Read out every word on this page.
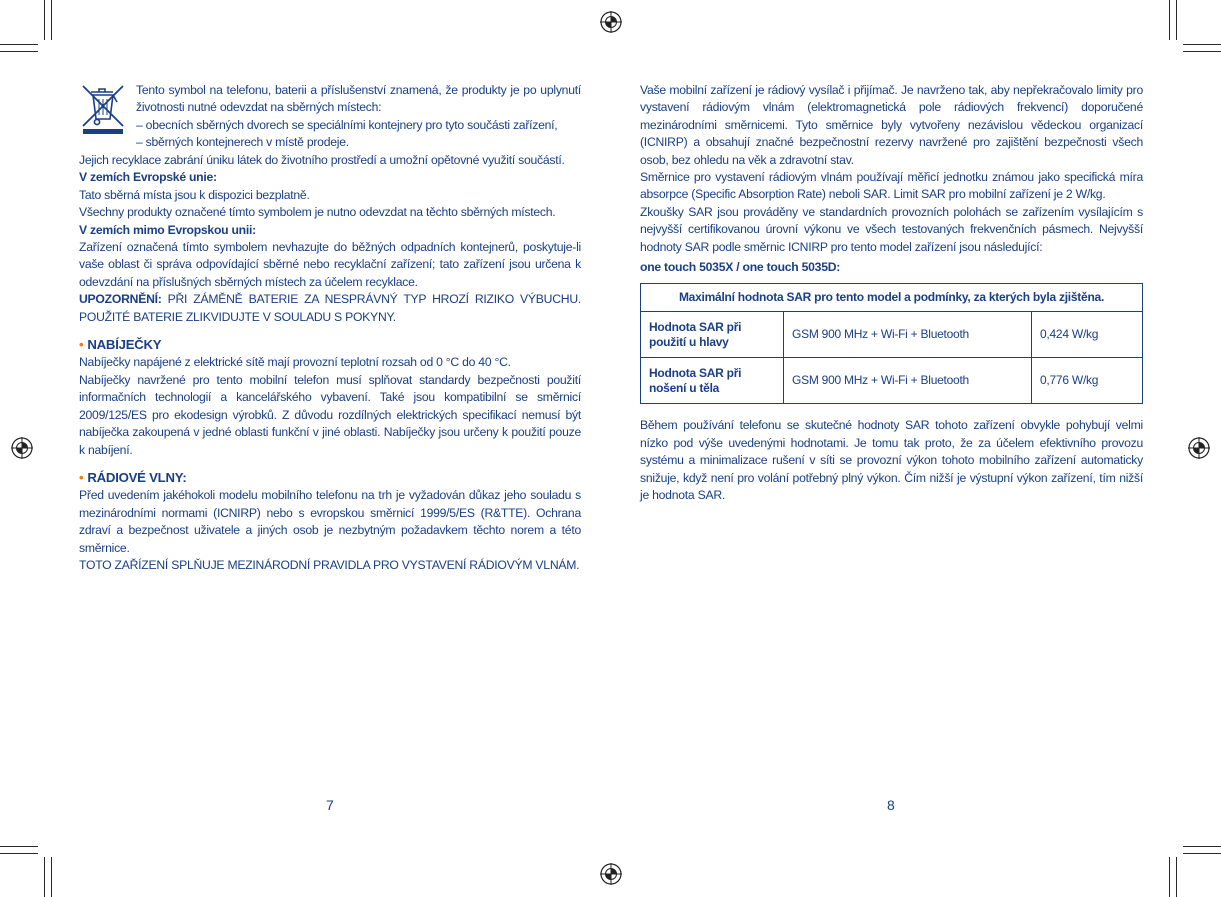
Tento symbol na telefonu, baterii a příslušenství znamená, že produkty je po uplynutí životnosti nutné odevzdat na sběrných místech:

– obecních sběrných dvorech se speciálními kontejnery pro tyto součásti zařízení,

– sběrných kontejnerech v místě prodeje.

Jejich recyklace zabrání úniku látek do životního prostředí a umožní opětovné využití součástí.

V zemích Evropské unie:

Tato sběrná místa jsou k dispozici bezplatně.

Všechny produkty označené tímto symbolem je nutno odevzdat na těchto sběrných místech.

V zemích mimo Evropskou unii:

Zařízení označená tímto symbolem nevhazujte do běžných odpadních kontejnerů, poskytuje-li vaše oblast či správa odpovídající sběrné nebo recyklační zařízení; tato zařízení jsou určena k odevzdání na příslušných sběrných místech za účelem recyklace.

UPOZORNĚNÍ: PŘI ZÁMĚNĚ BATERIE ZA NESPRÁVNÝ TYP HROZÍ RIZIKO VÝBUCHU. POUŽITÉ BATERIE ZLIKVIDUJTE V SOULADU S POKYNY.

• NABÍJEČKY

Nabíječky napájené z elektrické sítě mají provozní teplotní rozsah od 0 °C do 40 °C.

Nabíječky navržené pro tento mobilní telefon musí splňovat standardy bezpečnosti použití informačních technologií a kancelářského vybavení. Také jsou kompatibilní se směrnicí 2009/125/ES pro ekodesign výrobků. Z důvodu rozdílných elektrických specifikací nemusí být nabíječka zakoupená v jedné oblasti funkční v jiné oblasti. Nabíječky jsou určeny k použití pouze k nabíjení.

• RÁDIOVÉ VLNY:

Před uvedením jakéhokoli modelu mobilního telefonu na trh je vyžadován důkaz jeho souladu s mezinárodními normami (ICNIRP) nebo s evropskou směrnicí 1999/5/ES (R&TTE). Ochrana zdraví a bezpečnost uživatele a jiných osob je nezbytným požadavkem těchto norem a této směrnice.

TOTO ZAŘÍZENÍ SPLŇUJE MEZINÁRODNÍ PRAVIDLA PRO VYSTAVENÍ RÁDIOVÝM VLNÁM.

Vaše mobilní zařízení je rádiový vysílač i přijímač. Je navrženo tak, aby nepřekračovalo limity pro vystavení rádiovým vlnám (elektromagnetická pole rádiových frekvencí) doporučené mezinárodními směrnicemi. Tyto směrnice byly vytvořeny nezávislou vědeckou organizací (ICNIRP) a obsahují značné bezpečnostní rezervy navržené pro zajištění bezpečnosti všech osob, bez ohledu na věk a zdravotní stav.

Směrnice pro vystavení rádiovým vlnám používají měřicí jednotku známou jako specifická míra absorpce (Specific Absorption Rate) neboli SAR. Limit SAR pro mobilní zařízení je 2 W/kg.

Zkoušky SAR jsou prováděny ve standardních provozních polohách se zařízením vysílajícím s nejvyšší certifikovanou úrovní výkonu ve všech testovaných frekvenčních pásmech. Nejvyšší hodnoty SAR podle směrnic ICNIRP pro tento model zařízení jsou následující:

one touch 5035X / one touch 5035D:

Maximální hodnota SAR pro tento model a podmínky, za kterých byla zjištěna.		
Hodnota SAR při použití u hlavy	GSM 900 MHz + Wi-Fi + Bluetooth	0,424 W/kg
Hodnota SAR při nošení u těla	GSM 900 MHz + Wi-Fi + Bluetooth	0,776 W/kg

Během používání telefonu se skutečné hodnoty SAR tohoto zařízení obvykle pohybují velmi nízko pod výše uvedenými hodnotami. Je tomu tak proto, že za účelem efektivního provozu systému a minimalizace rušení v síti se provozní výkon tohoto mobilního zařízení automaticky snižuje, když není pro volání potřebný plný výkon. Čím nižší je výstupní výkon zařízení, tím nižší je hodnota SAR.

7	8
